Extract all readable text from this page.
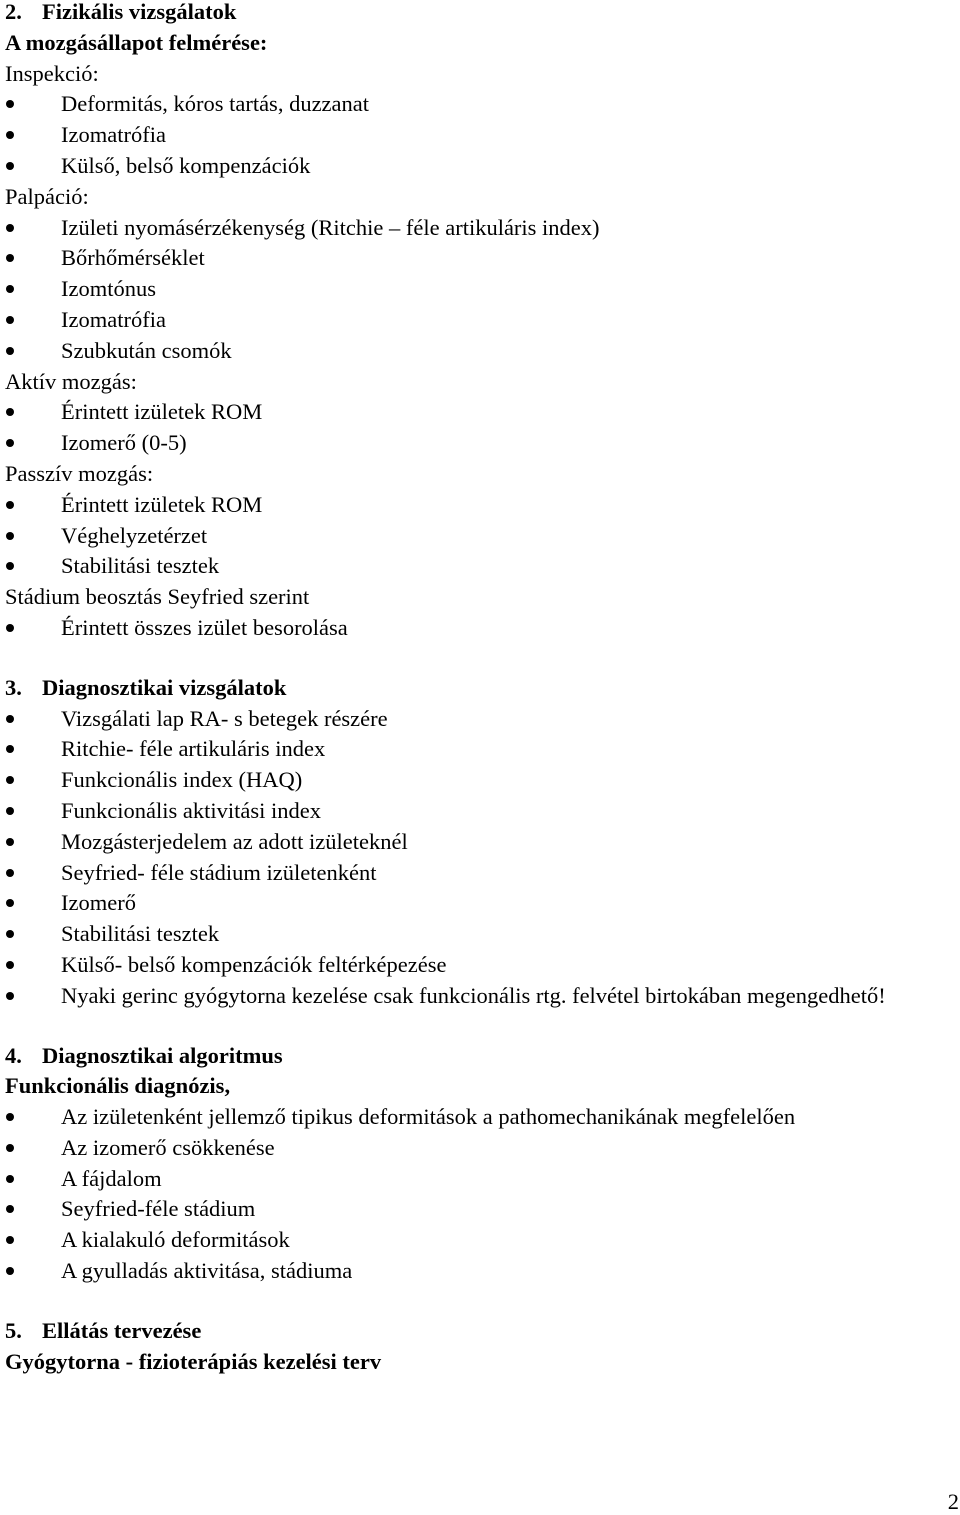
2. Fizikális vizsgálatok
A mozgásállapot felmérése:
Inspekció:
Deformitás, kóros tartás, duzzanat
Izomatrófia
Külső, belső kompenzációk
Palpáció:
Izületi nyomásérzékenység (Ritchie – féle artikuláris index)
Bőrhőmérséklet
Izomtónus
Izomatrófia
Szubkután csomók
Aktív mozgás:
Érintett izületek ROM
Izomerő (0-5)
Passzív mozgás:
Érintett izületek ROM
Véghelyzetérzet
Stabilitási tesztek
Stádium beosztás Seyfried szerint
Érintett összes izület besorolása
3. Diagnosztikai vizsgálatok
Vizsgálati lap RA- s betegek részére
Ritchie- féle artikuláris index
Funkcionális index (HAQ)
Funkcionális aktivitási index
Mozgásterjedelem az adott izületeknél
Seyfried- féle stádium izületenként
Izomerő
Stabilitási tesztek
Külső- belső kompenzációk feltérképezése
Nyaki gerinc gyógytorna kezelése csak funkcionális rtg. felvétel birtokában megengedhető!
4. Diagnosztikai algoritmus
Funkcionális diagnózis,
Az izületenként jellemző tipikus deformitások a pathomechanikának megfelelően
Az izomerő csökkenése
A fájdalom
Seyfried-féle stádium
A kialakuló deformitások
A gyulladás aktivitása, stádiuma
5. Ellátás tervezése
Gyógytorna - fizioterápiás kezelési terv
2
